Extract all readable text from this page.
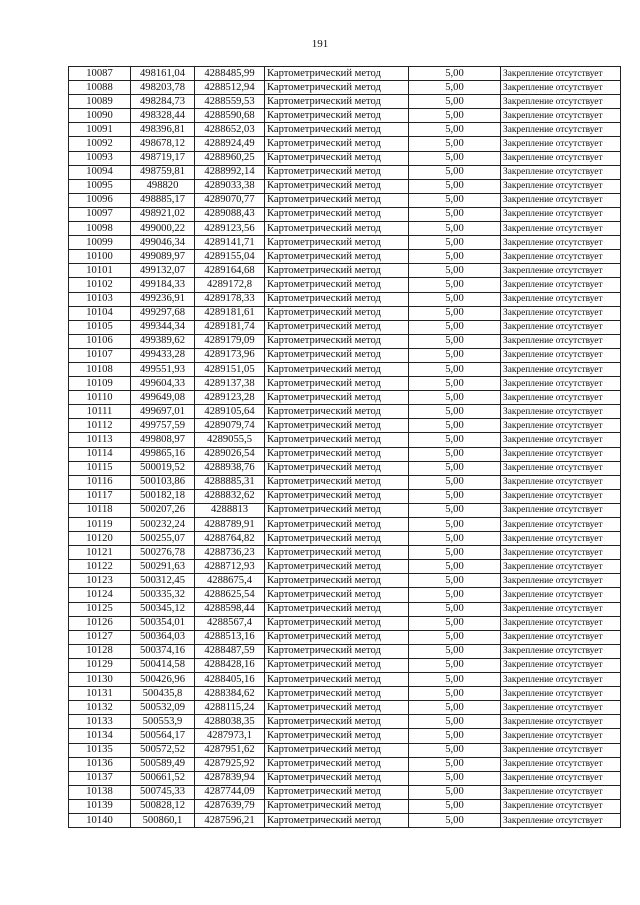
191
10087	498161,04	4288485,99	Картометрический метод	5,00	Закрепление отсутствует
10088	498203,78	4288512,94	Картометрический метод	5,00	Закрепление отсутствует
10089	498284,73	4288559,53	Картометрический метод	5,00	Закрепление отсутствует
10090	498328,44	4288590,68	Картометрический метод	5,00	Закрепление отсутствует
10091	498396,81	4288652,03	Картометрический метод	5,00	Закрепление отсутствует
10092	498678,12	4288924,49	Картометрический метод	5,00	Закрепление отсутствует
10093	498719,17	4288960,25	Картометрический метод	5,00	Закрепление отсутствует
10094	498759,81	4288992,14	Картометрический метод	5,00	Закрепление отсутствует
10095	498820	4289033,38	Картометрический метод	5,00	Закрепление отсутствует
10096	498885,17	4289070,77	Картометрический метод	5,00	Закрепление отсутствует
10097	498921,02	4289088,43	Картометрический метод	5,00	Закрепление отсутствует
10098	499000,22	4289123,56	Картометрический метод	5,00	Закрепление отсутствует
10099	499046,34	4289141,71	Картометрический метод	5,00	Закрепление отсутствует
10100	499089,97	4289155,04	Картометрический метод	5,00	Закрепление отсутствует
10101	499132,07	4289164,68	Картометрический метод	5,00	Закрепление отсутствует
10102	499184,33	4289172,8	Картометрический метод	5,00	Закрепление отсутствует
10103	499236,91	4289178,33	Картометрический метод	5,00	Закрепление отсутствует
10104	499297,68	4289181,61	Картометрический метод	5,00	Закрепление отсутствует
10105	499344,34	4289181,74	Картометрический метод	5,00	Закрепление отсутствует
10106	499389,62	4289179,09	Картометрический метод	5,00	Закрепление отсутствует
10107	499433,28	4289173,96	Картометрический метод	5,00	Закрепление отсутствует
10108	499551,93	4289151,05	Картометрический метод	5,00	Закрепление отсутствует
10109	499604,33	4289137,38	Картометрический метод	5,00	Закрепление отсутствует
10110	499649,08	4289123,28	Картометрический метод	5,00	Закрепление отсутствует
10111	499697,01	4289105,64	Картометрический метод	5,00	Закрепление отсутствует
10112	499757,59	4289079,74	Картометрический метод	5,00	Закрепление отсутствует
10113	499808,97	4289055,5	Картометрический метод	5,00	Закрепление отсутствует
10114	499865,16	4289026,54	Картометрический метод	5,00	Закрепление отсутствует
10115	500019,52	4288938,76	Картометрический метод	5,00	Закрепление отсутствует
10116	500103,86	4288885,31	Картометрический метод	5,00	Закрепление отсутствует
10117	500182,18	4288832,62	Картометрический метод	5,00	Закрепление отсутствует
10118	500207,26	4288813	Картометрический метод	5,00	Закрепление отсутствует
10119	500232,24	4288789,91	Картометрический метод	5,00	Закрепление отсутствует
10120	500255,07	4288764,82	Картометрический метод	5,00	Закрепление отсутствует
10121	500276,78	4288736,23	Картометрический метод	5,00	Закрепление отсутствует
10122	500291,63	4288712,93	Картометрический метод	5,00	Закрепление отсутствует
10123	500312,45	4288675,4	Картометрический метод	5,00	Закрепление отсутствует
10124	500335,32	4288625,54	Картометрический метод	5,00	Закрепление отсутствует
10125	500345,12	4288598,44	Картометрический метод	5,00	Закрепление отсутствует
10126	500354,01	4288567,4	Картометрический метод	5,00	Закрепление отсутствует
10127	500364,03	4288513,16	Картометрический метод	5,00	Закрепление отсутствует
10128	500374,16	4288487,59	Картометрический метод	5,00	Закрепление отсутствует
10129	500414,58	4288428,16	Картометрический метод	5,00	Закрепление отсутствует
10130	500426,96	4288405,16	Картометрический метод	5,00	Закрепление отсутствует
10131	500435,8	4288384,62	Картометрический метод	5,00	Закрепление отсутствует
10132	500532,09	4288115,24	Картометрический метод	5,00	Закрепление отсутствует
10133	500553,9	4288038,35	Картометрический метод	5,00	Закрепление отсутствует
10134	500564,17	4287973,1	Картометрический метод	5,00	Закрепление отсутствует
10135	500572,52	4287951,62	Картометрический метод	5,00	Закрепление отсутствует
10136	500589,49	4287925,92	Картометрический метод	5,00	Закрепление отсутствует
10137	500661,52	4287839,94	Картометрический метод	5,00	Закрепление отсутствует
10138	500745,33	4287744,09	Картометрический метод	5,00	Закрепление отсутствует
10139	500828,12	4287639,79	Картометрический метод	5,00	Закрепление отсутствует
10140	500860,1	4287596,21	Картометрический метод	5,00	Закрепление отсутствует
